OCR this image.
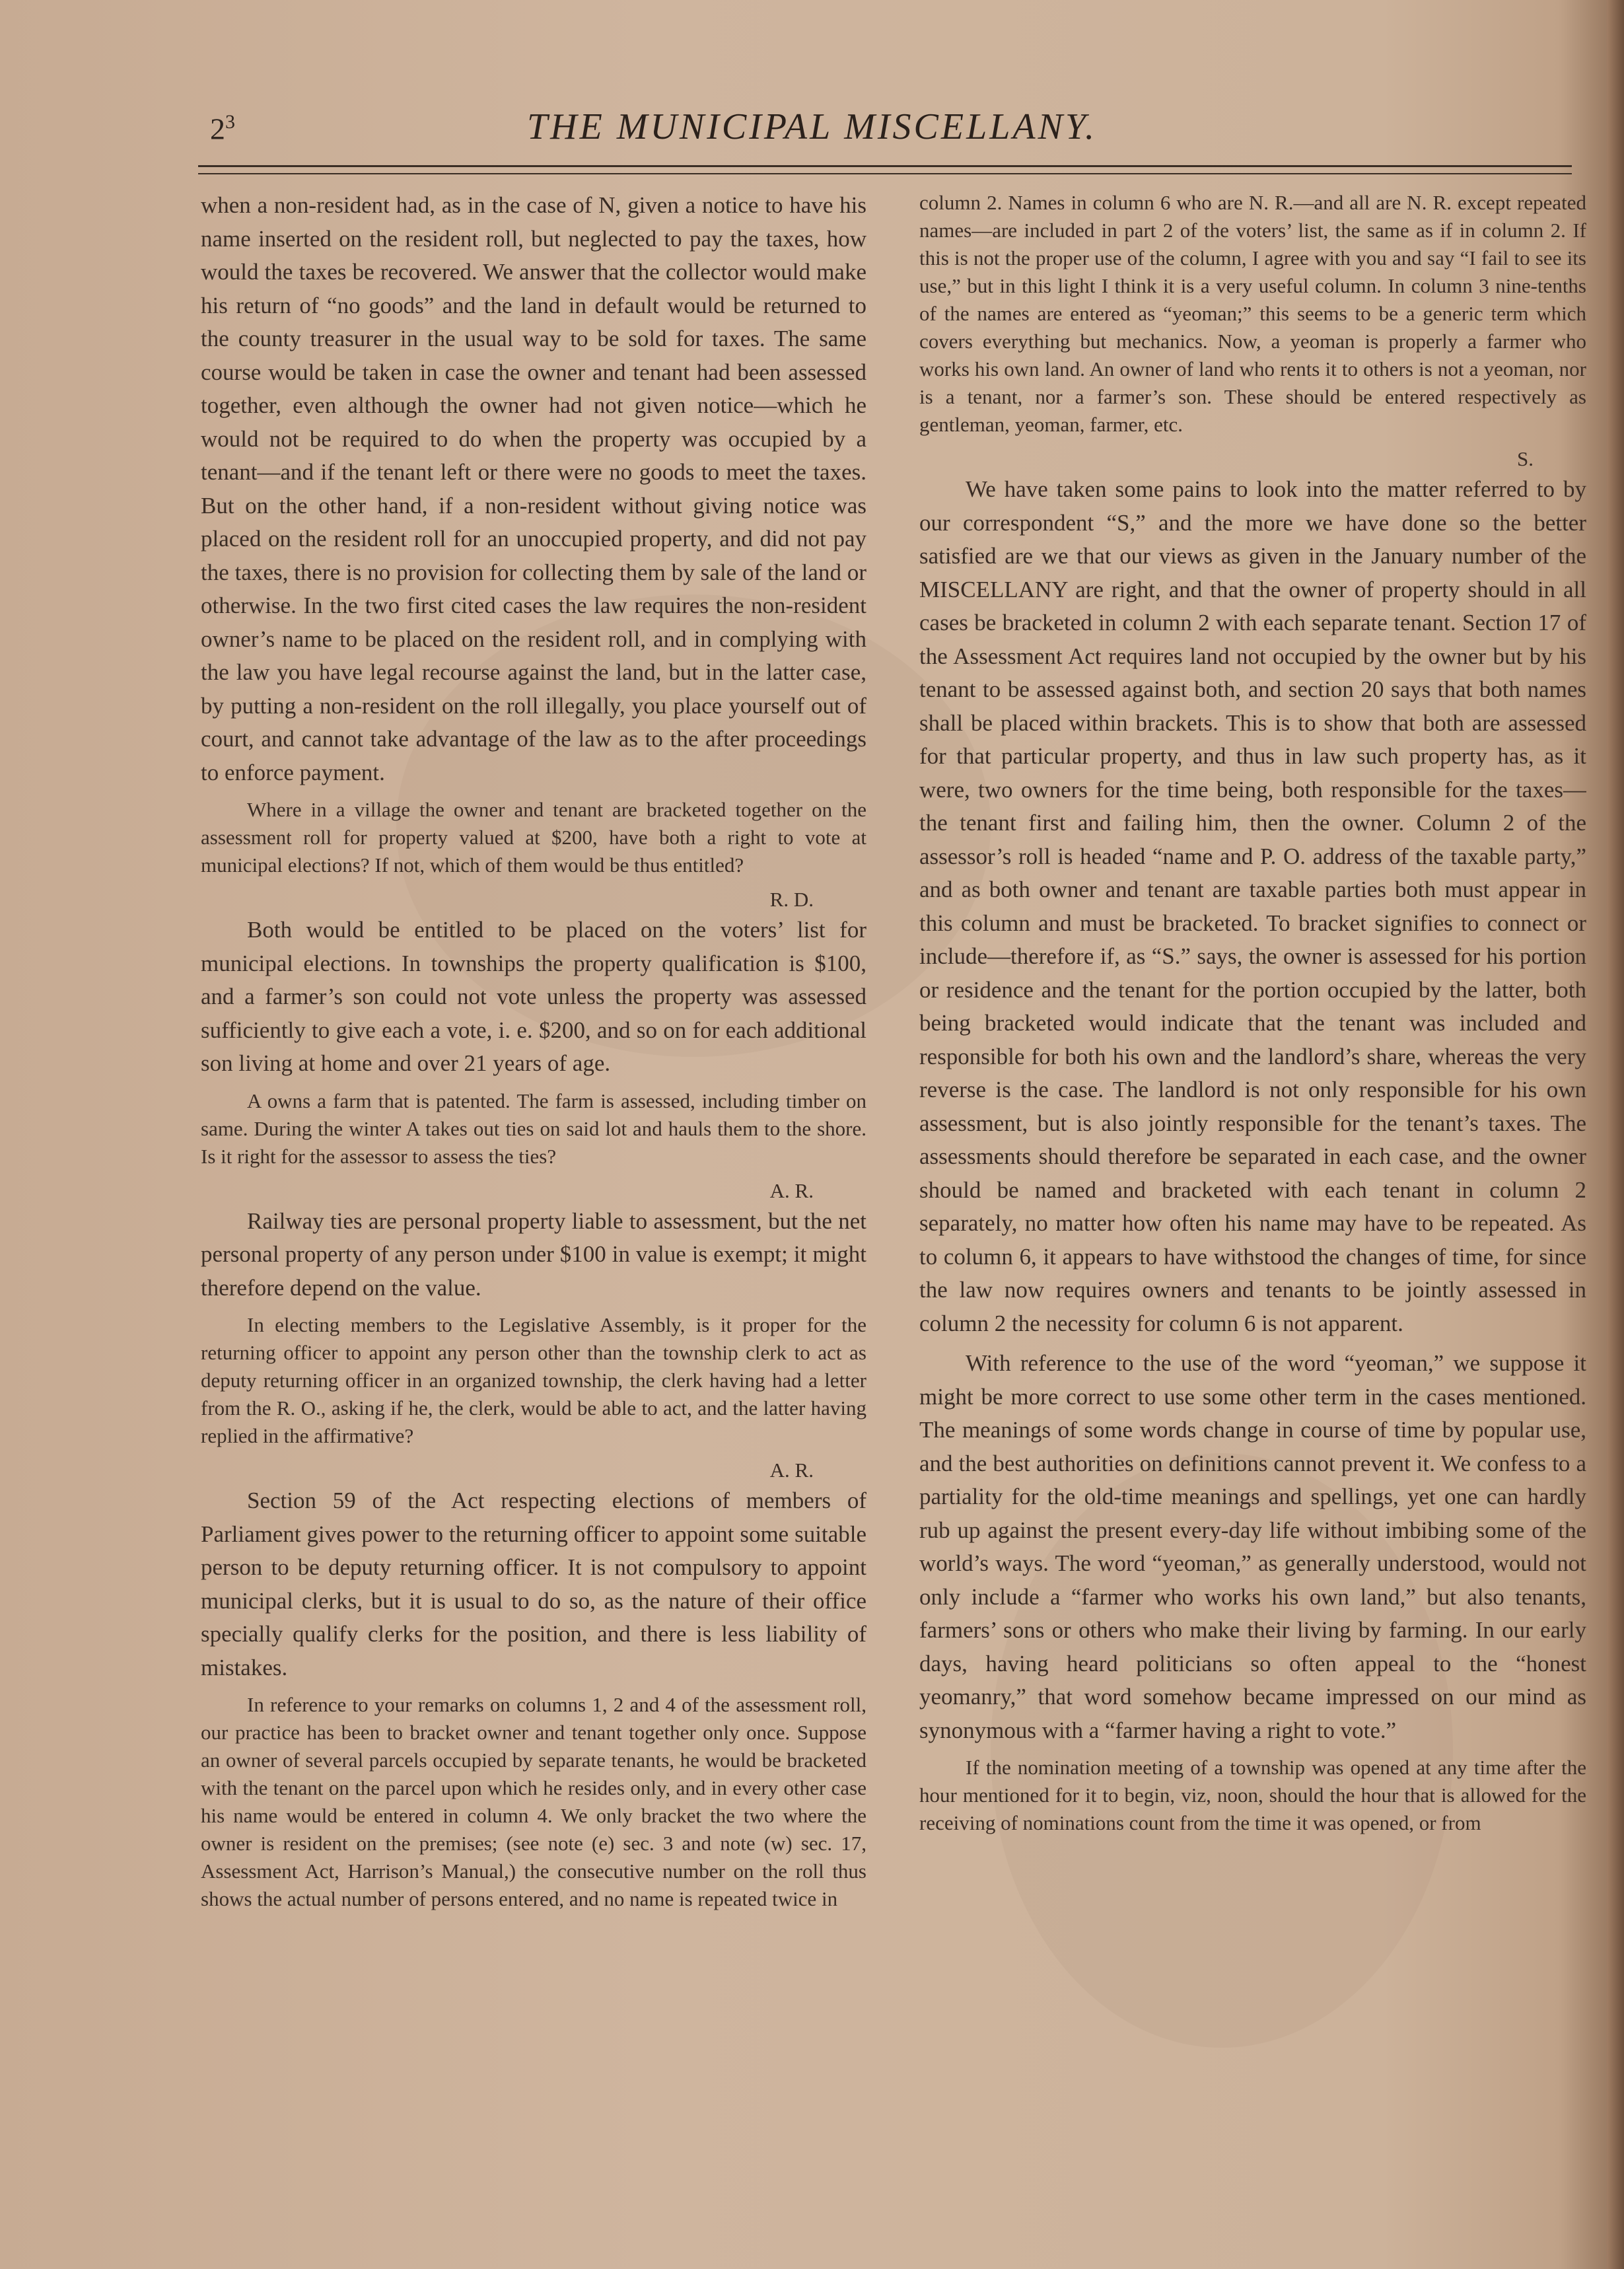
$2^3$	THE MUNICIPAL MISCELLANY.

when a non-resident had, as in the case of N, given a notice to have his name inserted on the resident roll, but neglected to pay the taxes, how would the taxes be recovered. We answer that the collector would make his return of “no goods” and the land in default would be returned to the county treasurer in the usual way to be sold for taxes. The same course would be taken in case the owner and tenant had been assessed together, even although the owner had not given notice—which he would not be required to do when the property was occupied by a tenant—and if the tenant left or there were no goods to meet the taxes. But on the other hand, if a non-resident without giving notice was placed on the resident roll for an unoccupied property, and did not pay the taxes, there is no provision for collecting them by sale of the land or otherwise. In the two first cited cases the law requires the non-resident owner’s name to be placed on the resident roll, and in complying with the law you have legal recourse against the land, but in the latter case, by putting a non-resident on the roll illegally, you place yourself out of court, and cannot take advantage of the law as to the after proceedings to enforce payment.

Where in a village the owner and tenant are bracketed together on the assessment roll for property valued at $200, have both a right to vote at municipal elections? If not, which of them would be thus entitled?

R. D.

Both would be entitled to be placed on the voters’ list for municipal elections. In townships the property qualification is $100, and a farmer’s son could not vote unless the property was assessed sufficiently to give each a vote, i. e. $200, and so on for each additional son living at home and over 21 years of age.

A owns a farm that is patented. The farm is assessed, including timber on same. During the winter A takes out ties on said lot and hauls them to the shore. Is it right for the assessor to assess the ties?

A. R.

Railway ties are personal property liable to assessment, but the net personal property of any person under $100 in value is exempt; it might therefore depend on the value.

In electing members to the Legislative Assembly, is it proper for the returning officer to appoint any person other than the township clerk to act as deputy returning officer in an organized township, the clerk having had a letter from the R. O., asking if he, the clerk, would be able to act, and the latter having replied in the affirmative?

A. R.

Section 59 of the Act respecting elections of members of Parliament gives power to the returning officer to appoint some suitable person to be deputy returning officer. It is not compulsory to appoint municipal clerks, but it is usual to do so, as the nature of their office specially qualify clerks for the position, and there is less liability of mistakes.

In reference to your remarks on columns 1, 2 and 4 of the assessment roll, our practice has been to bracket owner and tenant together only once. Suppose an owner of several parcels occupied by separate tenants, he would be bracketed with the tenant on the parcel upon which he resides only, and in every other case his name would be entered in column 4. We only bracket the two where the owner is resident on the premises; (see note (e) sec. 3 and note (w) sec. 17, Assessment Act, Harrison’s Manual,) the consecutive number on the roll thus shows the actual number of persons entered, and no name is repeated twice in

column 2. Names in column 6 who are N. R.—and all are N. R. except repeated names—are included in part 2 of the voters’ list, the same as if in column 2. If this is not the proper use of the column, I agree with you and say “I fail to see its use,” but in this light I think it is a very useful column. In column 3 nine-tenths of the names are entered as “yeoman;” this seems to be a generic term which covers everything but mechanics. Now, a yeoman is properly a farmer who works his own land. An owner of land who rents it to others is not a yeoman, nor is a tenant, nor a farmer’s son. These should be entered respectively as gentleman, yeoman, farmer, etc.

S.

We have taken some pains to look into the matter referred to by our correspondent “S,” and the more we have done so the better satisfied are we that our views as given in the January number of the MISCELLANY are right, and that the owner of property should in all cases be bracketed in column 2 with each separate tenant. Section 17 of the Assessment Act requires land not occupied by the owner but by his tenant to be assessed against both, and section 20 says that both names shall be placed within brackets. This is to show that both are assessed for that particular property, and thus in law such property has, as it were, two owners for the time being, both responsible for the taxes—the tenant first and failing him, then the owner. Column 2 of the assessor’s roll is headed “name and P. O. address of the taxable party,” and as both owner and tenant are taxable parties both must appear in this column and must be bracketed. To bracket signifies to connect or include—therefore if, as “S.” says, the owner is assessed for his portion or residence and the tenant for the portion occupied by the latter, both being bracketed would indicate that the tenant was included and responsible for both his own and the landlord’s share, whereas the very reverse is the case. The landlord is not only responsible for his own assessment, but is also jointly responsible for the tenant’s taxes. The assessments should therefore be separated in each case, and the owner should be named and bracketed with each tenant in column 2 separately, no matter how often his name may have to be repeated. As to column 6, it appears to have withstood the changes of time, for since the law now requires owners and tenants to be jointly assessed in column 2 the necessity for column 6 is not apparent.

With reference to the use of the word “yeoman,” we suppose it might be more correct to use some other term in the cases mentioned. The meanings of some words change in course of time by popular use, and the best authorities on definitions cannot prevent it. We confess to a partiality for the old-time meanings and spellings, yet one can hardly rub up against the present every-day life without imbibing some of the world’s ways. The word “yeoman,” as generally understood, would not only include a “farmer who works his own land,” but also tenants, farmers’ sons or others who make their living by farming. In our early days, having heard politicians so often appeal to the “honest yeomanry,” that word somehow became impressed on our mind as synonymous with a “farmer having a right to vote.”

If the nomination meeting of a township was opened at any time after the hour mentioned for it to begin, viz, noon, should the hour that is allowed for the receiving of nominations count from the time it was opened, or from
